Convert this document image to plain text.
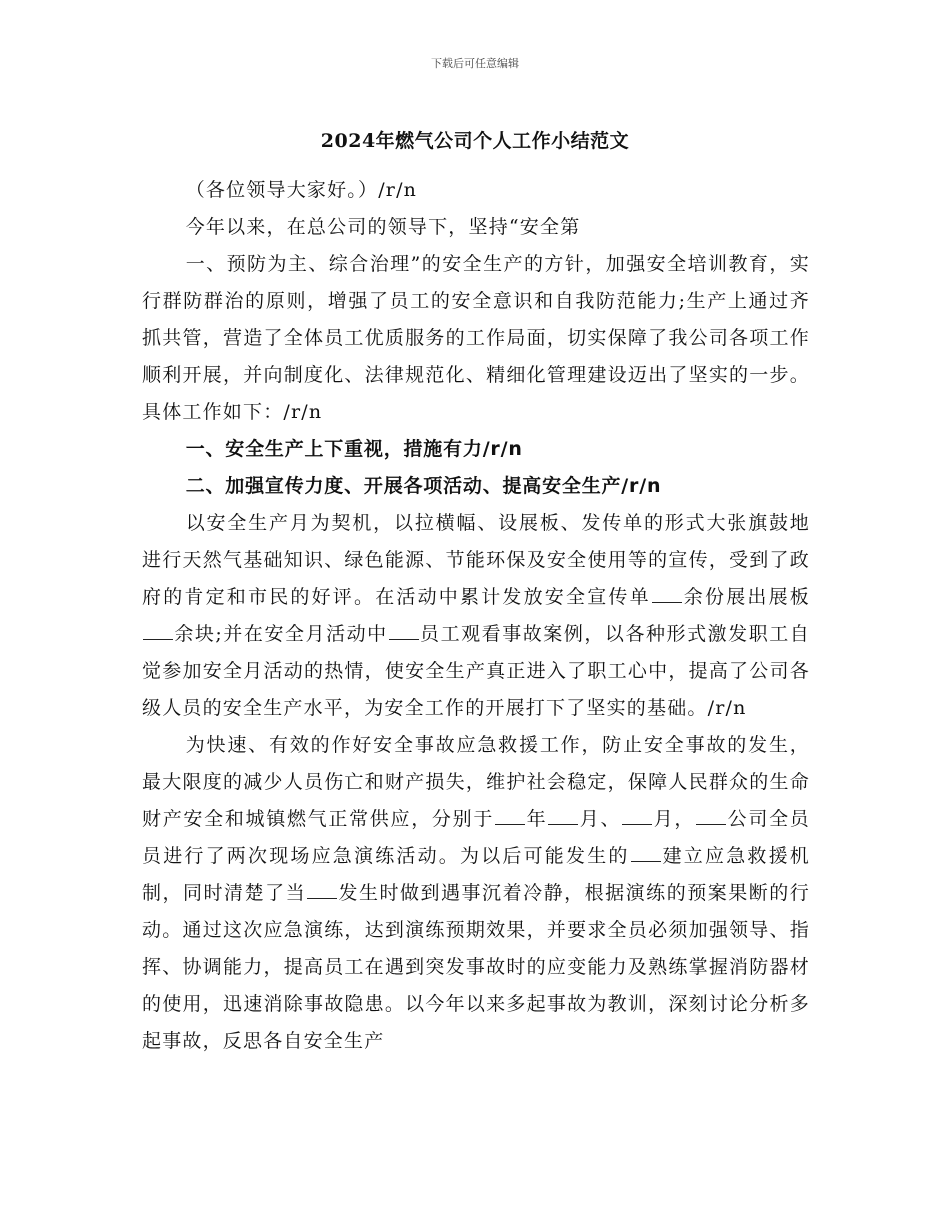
下载后可任意编辑
2024年燃气公司个人工作小结范文

（各位领导大家好。）/r/n

今年以来，在总公司的领导下，坚持“安全第

一、预防为主、综合治理”的安全生产的方针，加强安全培训教育，实行群防群治的原则，增强了员工的安全意识和自我防范能力;生产上通过齐抓共管，营造了全体员工优质服务的工作局面，切实保障了我公司各项工作顺利开展，并向制度化、法律规范化、精细化管理建设迈出了坚实的一步。具体工作如下：/r/n

一、安全生产上下重视，措施有力/r/n

二、加强宣传力度、开展各项活动、提高安全生产/r/n

以安全生产月为契机，以拉横幅、设展板、发传单的形式大张旗鼓地进行天然气基础知识、绿色能源、节能环保及安全使用等的宣传，受到了政府的肯定和市民的好评。在活动中累计发放安全宣传单 余份展出展板余块;并在安全月活动中 员工观看事故案例，以各种形式激发职工自觉参加安全月活动的热情，使安全生产真正进入了职工心中，提高了公司各级人员的安全生产水平，为安全工作的开展打下了坚实的基础。/r/n

为快速、有效的作好安全事故应急救援工作，防止安全事故的发生，最大限度的减少人员伤亡和财产损失，维护社会稳定，保障人民群众的生命财产安全和城镇燃气正常供应，分别于 年 月、 月， 公司全员员进行了两次现场应急演练活动。为以后可能发生的 建立应急救援机制，同时清楚了当 发生时做到遇事沉着冷静，根据演练的预案果断的行动。通过这次应急演练，达到演练预期效果，并要求全员必须加强领导、指挥、协调能力，提高员工在遇到突发事故时的应变能力及熟练掌握消防器材的使用，迅速消除事故隐患。以今年以来多起事故为教训，深刻讨论分析多起事故，反思各自安全生产
